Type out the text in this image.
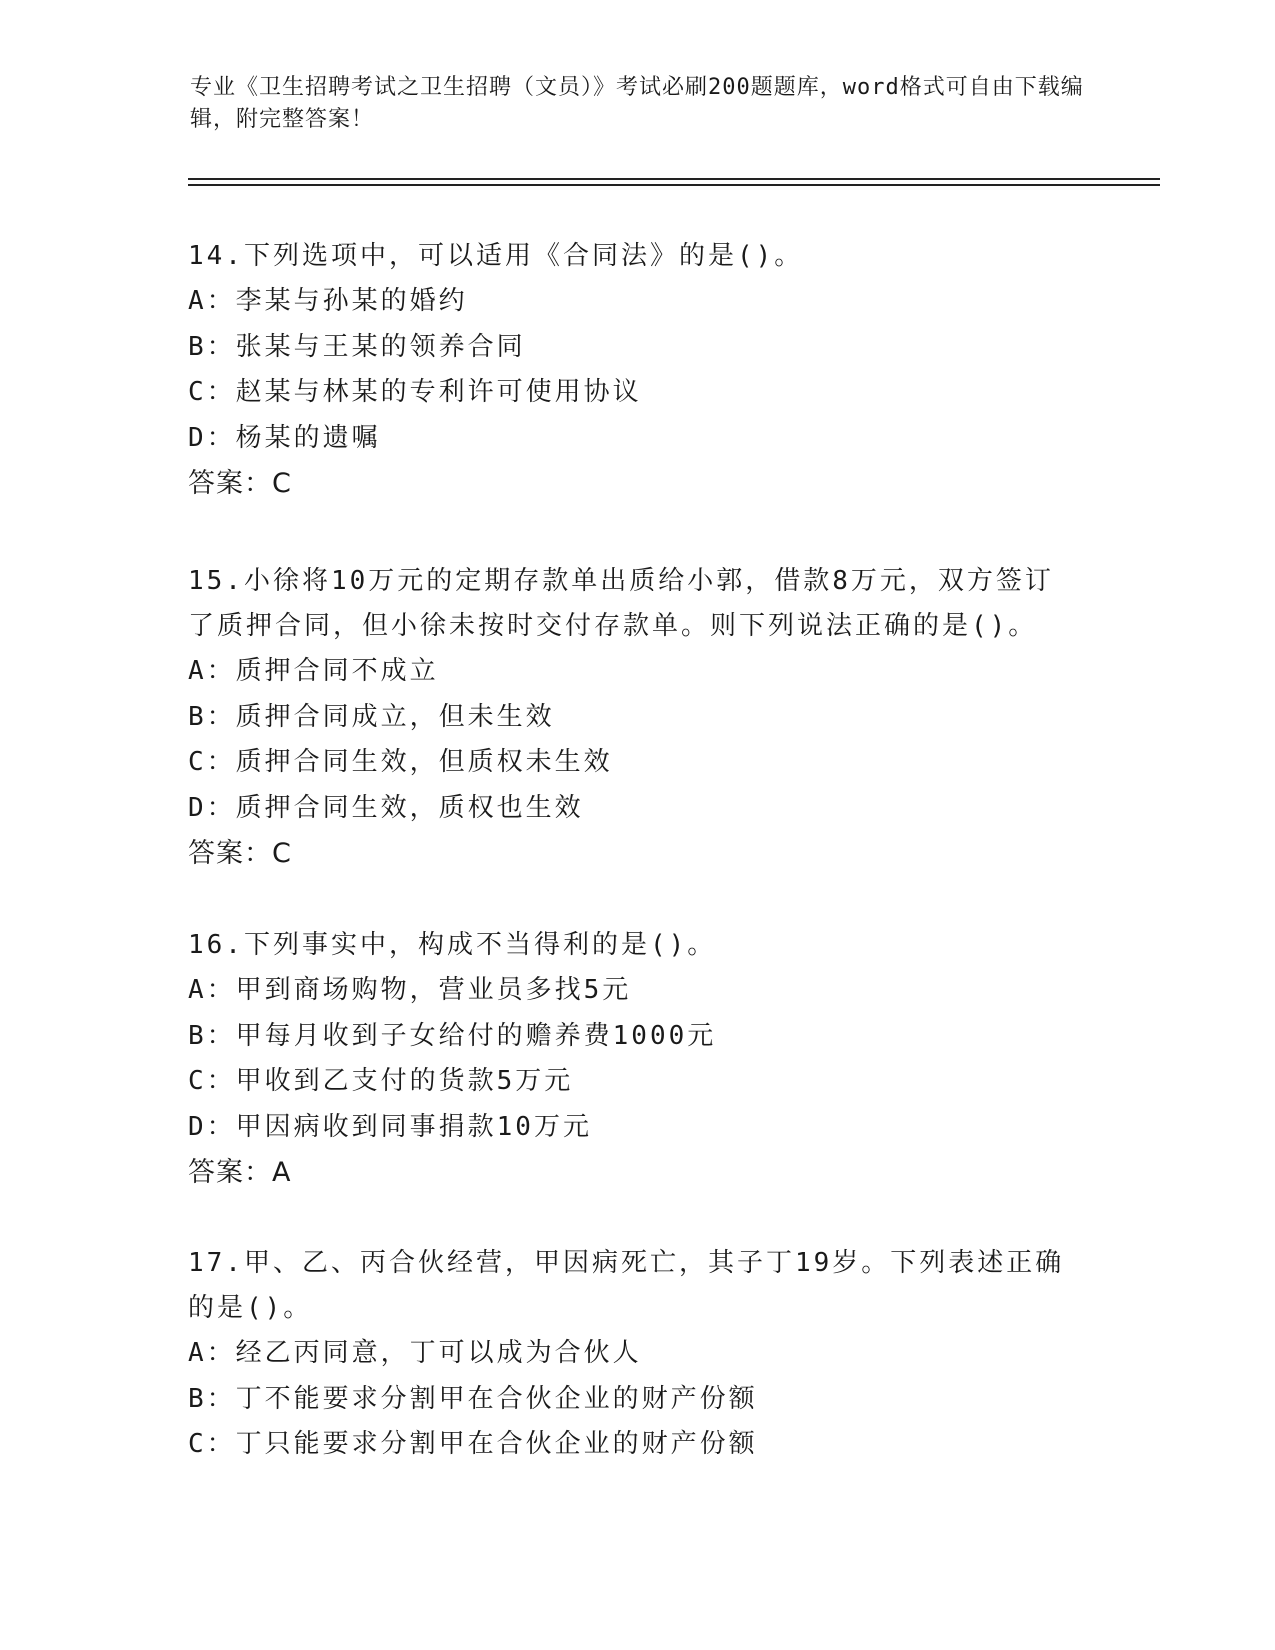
专业《卫生招聘考试之卫生招聘（文员）》考试必刷200题题库，word格式可自由下载编辑，附完整答案！

14.下列选项中，可以适用《合同法》的是()。

A：李某与孙某的婚约

B：张某与王某的领养合同

C：赵某与林某的专利许可使用协议

D：杨某的遗嘱

答案：C

15.小徐将10万元的定期存款单出质给小郭，借款8万元，双方签订了质押合同，但小徐未按时交付存款单。则下列说法正确的是()。

A：质押合同不成立

B：质押合同成立，但未生效

C：质押合同生效，但质权未生效

D：质押合同生效，质权也生效

答案：C

16.下列事实中，构成不当得利的是()。

A：甲到商场购物，营业员多找5元

B：甲每月收到子女给付的赡养费1000元

C：甲收到乙支付的货款5万元

D：甲因病收到同事捐款10万元

答案：A

17.甲、乙、丙合伙经营，甲因病死亡，其子丁19岁。下列表述正确的是()。

A：经乙丙同意，丁可以成为合伙人

B：丁不能要求分割甲在合伙企业的财产份额

C：丁只能要求分割甲在合伙企业的财产份额
